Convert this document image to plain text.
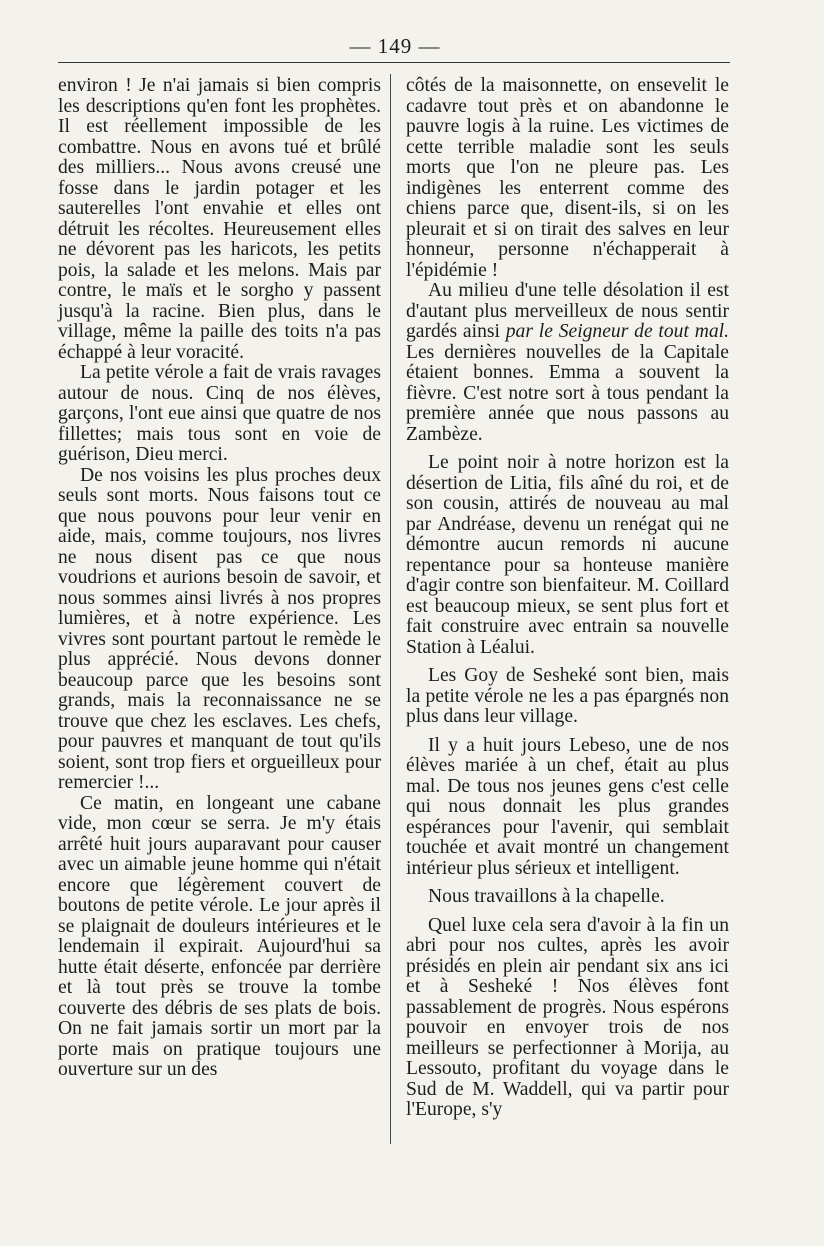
— 149 —

environ ! Je n'ai jamais si bien compris les descriptions qu'en font les prophètes. Il est réellement impossible de les combattre. Nous en avons tué et brûlé des milliers... Nous avons creusé une fosse dans le jardin potager et les sauterelles l'ont envahie et elles ont détruit les récoltes. Heureusement elles ne dévorent pas les haricots, les petits pois, la salade et les melons. Mais par contre, le maïs et le sorgho y passent jusqu'à la racine. Bien plus, dans le village, même la paille des toits n'a pas échappé à leur voracité.

La petite vérole a fait de vrais ravages autour de nous. Cinq de nos élèves, garçons, l'ont eue ainsi que quatre de nos fillettes; mais tous sont en voie de guérison, Dieu merci.

De nos voisins les plus proches deux seuls sont morts. Nous faisons tout ce que nous pouvons pour leur venir en aide, mais, comme toujours, nos livres ne nous disent pas ce que nous voudrions et aurions besoin de savoir, et nous sommes ainsi livrés à nos propres lumières, et à notre expérience. Les vivres sont pourtant partout le remède le plus apprécié. Nous devons donner beaucoup parce que les besoins sont grands, mais la reconnaissance ne se trouve que chez les esclaves. Les chefs, pour pauvres et manquant de tout qu'ils soient, sont trop fiers et orgueilleux pour remercier !...

Ce matin, en longeant une cabane vide, mon cœur se serra. Je m'y étais arrêté huit jours auparavant pour causer avec un aimable jeune homme qui n'était encore que légèrement couvert de boutons de petite vérole. Le jour après il se plaignait de douleurs intérieures et le lendemain il expirait. Aujourd'hui sa hutte était déserte, enfoncée par derrière et là tout près se trouve la tombe couverte des débris de ses plats de bois. On ne fait jamais sortir un mort par la porte mais on pratique toujours une ouverture sur un des

côtés de la maisonnette, on ensevelit le cadavre tout près et on abandonne le pauvre logis à la ruine. Les victimes de cette terrible maladie sont les seuls morts que l'on ne pleure pas. Les indigènes les enterrent comme des chiens parce que, disent-ils, si on les pleurait et si on tirait des salves en leur honneur, personne n'échapperait à l'épidémie !

Au milieu d'une telle désolation il est d'autant plus merveilleux de nous sentir gardés ainsi par le Seigneur de tout mal. Les dernières nouvelles de la Capitale étaient bonnes. Emma a souvent la fièvre. C'est notre sort à tous pendant la première année que nous passons au Zambèze.

Le point noir à notre horizon est la désertion de Litia, fils aîné du roi, et de son cousin, attirés de nouveau au mal par Andréase, devenu un renégat qui ne démontre aucun remords ni aucune repentance pour sa honteuse manière d'agir contre son bienfaiteur. M. Coillard est beaucoup mieux, se sent plus fort et fait construire avec entrain sa nouvelle Station à Léalui.

Les Goy de Sesheké sont bien, mais la petite vérole ne les a pas épargnés non plus dans leur village.

Il y a huit jours Lebeso, une de nos élèves mariée à un chef, était au plus mal. De tous nos jeunes gens c'est celle qui nous donnait les plus grandes espérances pour l'avenir, qui semblait touchée et avait montré un changement intérieur plus sérieux et intelligent.

Nous travaillons à la chapelle.

Quel luxe cela sera d'avoir à la fin un abri pour nos cultes, après les avoir présidés en plein air pendant six ans ici et à Sesheké ! Nos élèves font passablement de progrès. Nous espérons pouvoir en envoyer trois de nos meilleurs se perfectionner à Morija, au Lessouto, profitant du voyage dans le Sud de M. Waddell, qui va partir pour l'Europe, s'y
